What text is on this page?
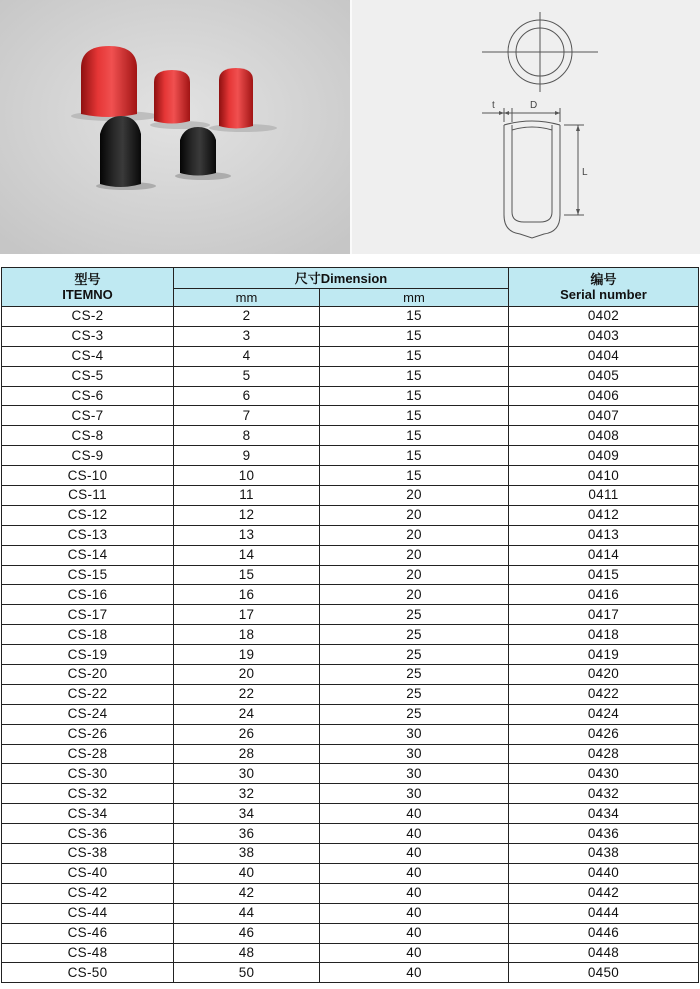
t	D
L
型号
ITEMNO	尺寸Dimension		编号
Serial number

	mm	mm	
CS-2	2	15	0402
CS-3	3	15	0403
CS-4	4	15	0404
CS-5	5	15	0405
CS-6	6	15	0406
CS-7	7	15	0407
CS-8	8	15	0408
CS-9	9	15	0409
CS-10	10	15	0410
CS-11	11	20	0411
CS-12	12	20	0412
CS-13	13	20	0413
CS-14	14	20	0414
CS-15	15	20	0415
CS-16	16	20	0416
CS-17	17	25	0417
CS-18	18	25	0418
CS-19	19	25	0419
CS-20	20	25	0420
CS-22	22	25	0422
CS-24	24	25	0424
CS-26	26	30	0426
CS-28	28	30	0428
CS-30	30	30	0430
CS-32	32	30	0432
CS-34	34	40	0434
CS-36	36	40	0436
CS-38	38	40	0438
CS-40	40	40	0440
CS-42	42	40	0442
CS-44	44	40	0444
CS-46	46	40	0446
CS-48	48	40	0448
CS-50	50	40	0450
